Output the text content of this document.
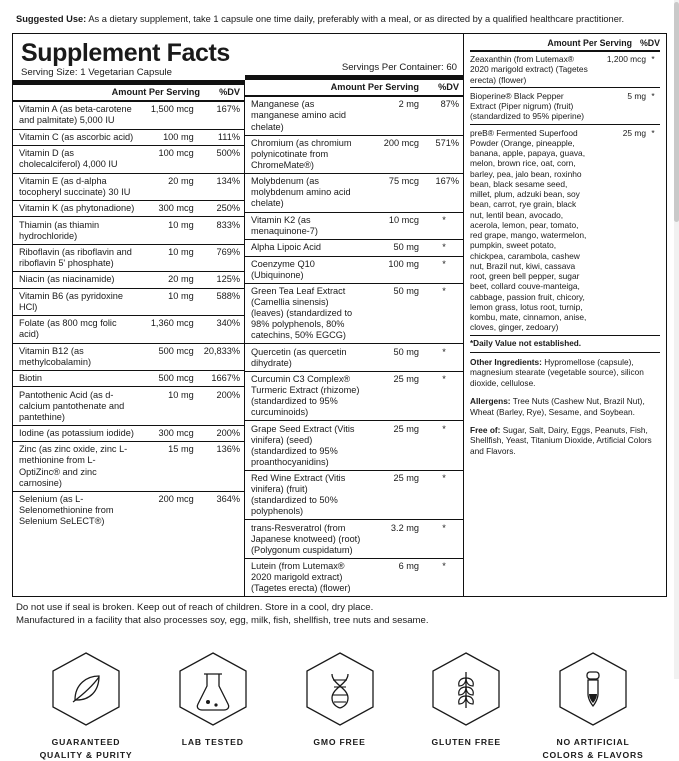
Suggested Use: As a dietary supplement, take 1 capsule one time daily, preferably with a meal, or as directed by a qualified healthcare practitioner.
Supplement Facts
Serving Size: 1 Vegetarian Capsule
	Amount Per Serving	%DV
Vitamin A (as beta-carotene and palmitate) 5,000 IU	1,500 mcg	167%
Vitamin C (as ascorbic acid)	100 mg	111%
Vitamin D (as cholecalciferol) 4,000 IU	100 mcg	500%
Vitamin E (as d-alpha tocopheryl succinate) 30 IU	20 mg	134%
Vitamin K (as phytonadione)	300 mcg	250%
Thiamin (as thiamin hydrochloride)	10 mg	833%
Riboflavin (as riboflavin and riboflavin 5' phosphate)	10 mg	769%
Niacin (as niacinamide)	20 mg	125%
Vitamin B6 (as pyridoxine HCl)	10 mg	588%
Folate (as 800 mcg folic acid)	1,360 mcg	340%
Vitamin B12 (as methylcobalamin)	500 mcg	20,833%
Biotin	500 mcg	1667%
Pantothenic Acid (as d-calcium pantothenate and pantethine)	10 mg	200%
Iodine (as potassium iodide)	300 mcg	200%
Zinc (as zinc oxide, zinc L-methionine from L-OptiZinc® and zinc carnosine)	15 mg	136%
Selenium (as L-Selenomethionine from Selenium SeLECT®)	200 mcg	364%
Servings Per Container: 60
	Amount Per Serving	%DV
Manganese (as manganese amino acid chelate)	2 mg	87%
Chromium (as chromium polynicotinate from ChromeMate®)	200 mcg	571%
Molybdenum (as molybdenum amino acid chelate)	75 mcg	167%
Vitamin K2 (as menaquinone-7)	10 mcg	*
Alpha Lipoic Acid	50 mg	*
Coenzyme Q10 (Ubiquinone)	100 mg	*
Green Tea Leaf Extract (Camellia sinensis) (leaves) (standardized to 98% polyphenols, 80% catechins, 50% EGCG)	50 mg	*
Quercetin (as quercetin dihydrate)	50 mg	*
Curcumin C3 Complex® Turmeric Extract (rhizome) (standardized to 95% curcuminoids)	25 mg	*
Grape Seed Extract (Vitis vinifera) (seed) (standardized to 95% proanthocyanidins)	25 mg	*
Red Wine Extract (Vitis vinifera) (fruit) (standardized to 50% polyphenols)	25 mg	*
trans-Resveratrol (from Japanese knotweed) (root) (Polygonum cuspidatum)	3.2 mg	*
Lutein (from Lutemax® 2020 marigold extract) (Tagetes erecta) (flower)	6 mg	*
Amount Per Serving %DV
Zeaxanthin (from Lutemax® 2020 marigold extract) (Tagetes erecta) (flower)	1,200 mcg	*
Bioperine® Black Pepper Extract (Piper nigrum) (fruit) (standardized to 95% piperine)	5 mg	*
preB® Fermented Superfood Powder (Orange, pineapple, banana, apple, papaya, guava, melon, brown rice, oat, corn, barley, pea, jalo bean, roxinho bean, black sesame seed, millet, plum, adzuki bean, soy bean, carrot, rye grain, black nut, lentil bean, avocado, acerola, lemon, pear, tomato, red grape, mango, watermelon, pumpkin, sweet potato, chickpea, carambola, cashew nut, Brazil nut, kiwi, cassava root, green bell pepper, sugar beet, collard couve-manteiga, cabbage, passion fruit, chicory, lemon grass, lotus root, turnip, kombu, mate, cinnamon, anise, cloves, ginger, zedoary)	25 mg	*
*Daily Value not established.
Other Ingredients: Hypromellose (capsule), magnesium stearate (vegetable source), silicon dioxide, cellulose.
Allergens: Tree Nuts (Cashew Nut, Brazil Nut), Wheat (Barley, Rye), Sesame, and Soybean.
Free of: Sugar, Salt, Dairy, Eggs, Peanuts, Fish, Shellfish, Yeast, Titanium Dioxide, Artificial Colors and Flavors.
Do not use if seal is broken. Keep out of reach of children. Store in a cool, dry place.
Manufactured in a facility that also processes soy, egg, milk, fish, shellfish, tree nuts and sesame.
GUARANTEED
QUALITY & PURITY
LAB TESTED	GMO FREE	GLUTEN FREE	NO ARTIFICIAL
COLORS & FLAVORS
